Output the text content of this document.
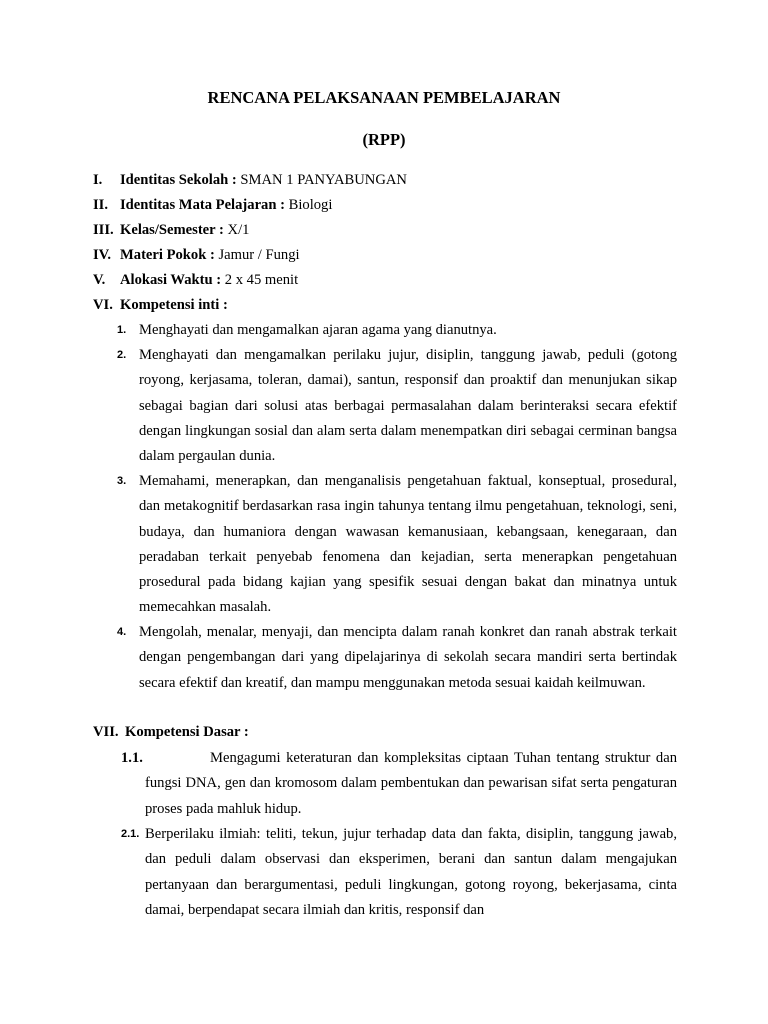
RENCANA PELAKSANAAN PEMBELAJARAN
(RPP)
I. Identitas Sekolah : SMAN 1 PANYABUNGAN
II. Identitas Mata Pelajaran : Biologi
III. Kelas/Semester : X/1
IV. Materi Pokok : Jamur / Fungi
V. Alokasi Waktu : 2 x 45 menit
VI. Kompetensi inti :
1. Menghayati dan mengamalkan ajaran agama yang dianutnya.
2. Menghayati dan mengamalkan perilaku jujur, disiplin, tanggung jawab, peduli (gotong royong, kerjasama, toleran, damai), santun, responsif dan proaktif dan menunjukan sikap sebagai bagian dari solusi atas berbagai permasalahan dalam berinteraksi secara efektif dengan lingkungan sosial dan alam serta dalam menempatkan diri sebagai cerminan bangsa dalam pergaulan dunia.
3. Memahami, menerapkan, dan menganalisis pengetahuan faktual, konseptual, prosedural, dan metakognitif berdasarkan rasa ingin tahunya tentang ilmu pengetahuan, teknologi, seni, budaya, dan humaniora dengan wawasan kemanusiaan, kebangsaan, kenegaraan, dan peradaban terkait penyebab fenomena dan kejadian, serta menerapkan pengetahuan prosedural pada bidang kajian yang spesifik sesuai dengan bakat dan minatnya untuk memecahkan masalah.
4. Mengolah, menalar, menyaji, dan mencipta dalam ranah konkret dan ranah abstrak terkait dengan pengembangan dari yang dipelajarinya di sekolah secara mandiri serta bertindak secara efektif dan kreatif, dan mampu menggunakan metoda sesuai kaidah keilmuwan.
VII. Kompetensi Dasar :
1.1.	Mengagumi keteraturan dan kompleksitas ciptaan Tuhan tentang struktur dan fungsi DNA, gen dan kromosom dalam pembentukan dan pewarisan sifat serta pengaturan proses pada mahluk hidup.
2.1. Berperilaku ilmiah: teliti, tekun, jujur terhadap data dan fakta, disiplin, tanggung jawab, dan peduli dalam observasi dan eksperimen, berani dan santun dalam mengajukan pertanyaan dan berargumentasi, peduli lingkungan, gotong royong, bekerjasama, cinta damai, berpendapat secara ilmiah dan kritis, responsif dan
